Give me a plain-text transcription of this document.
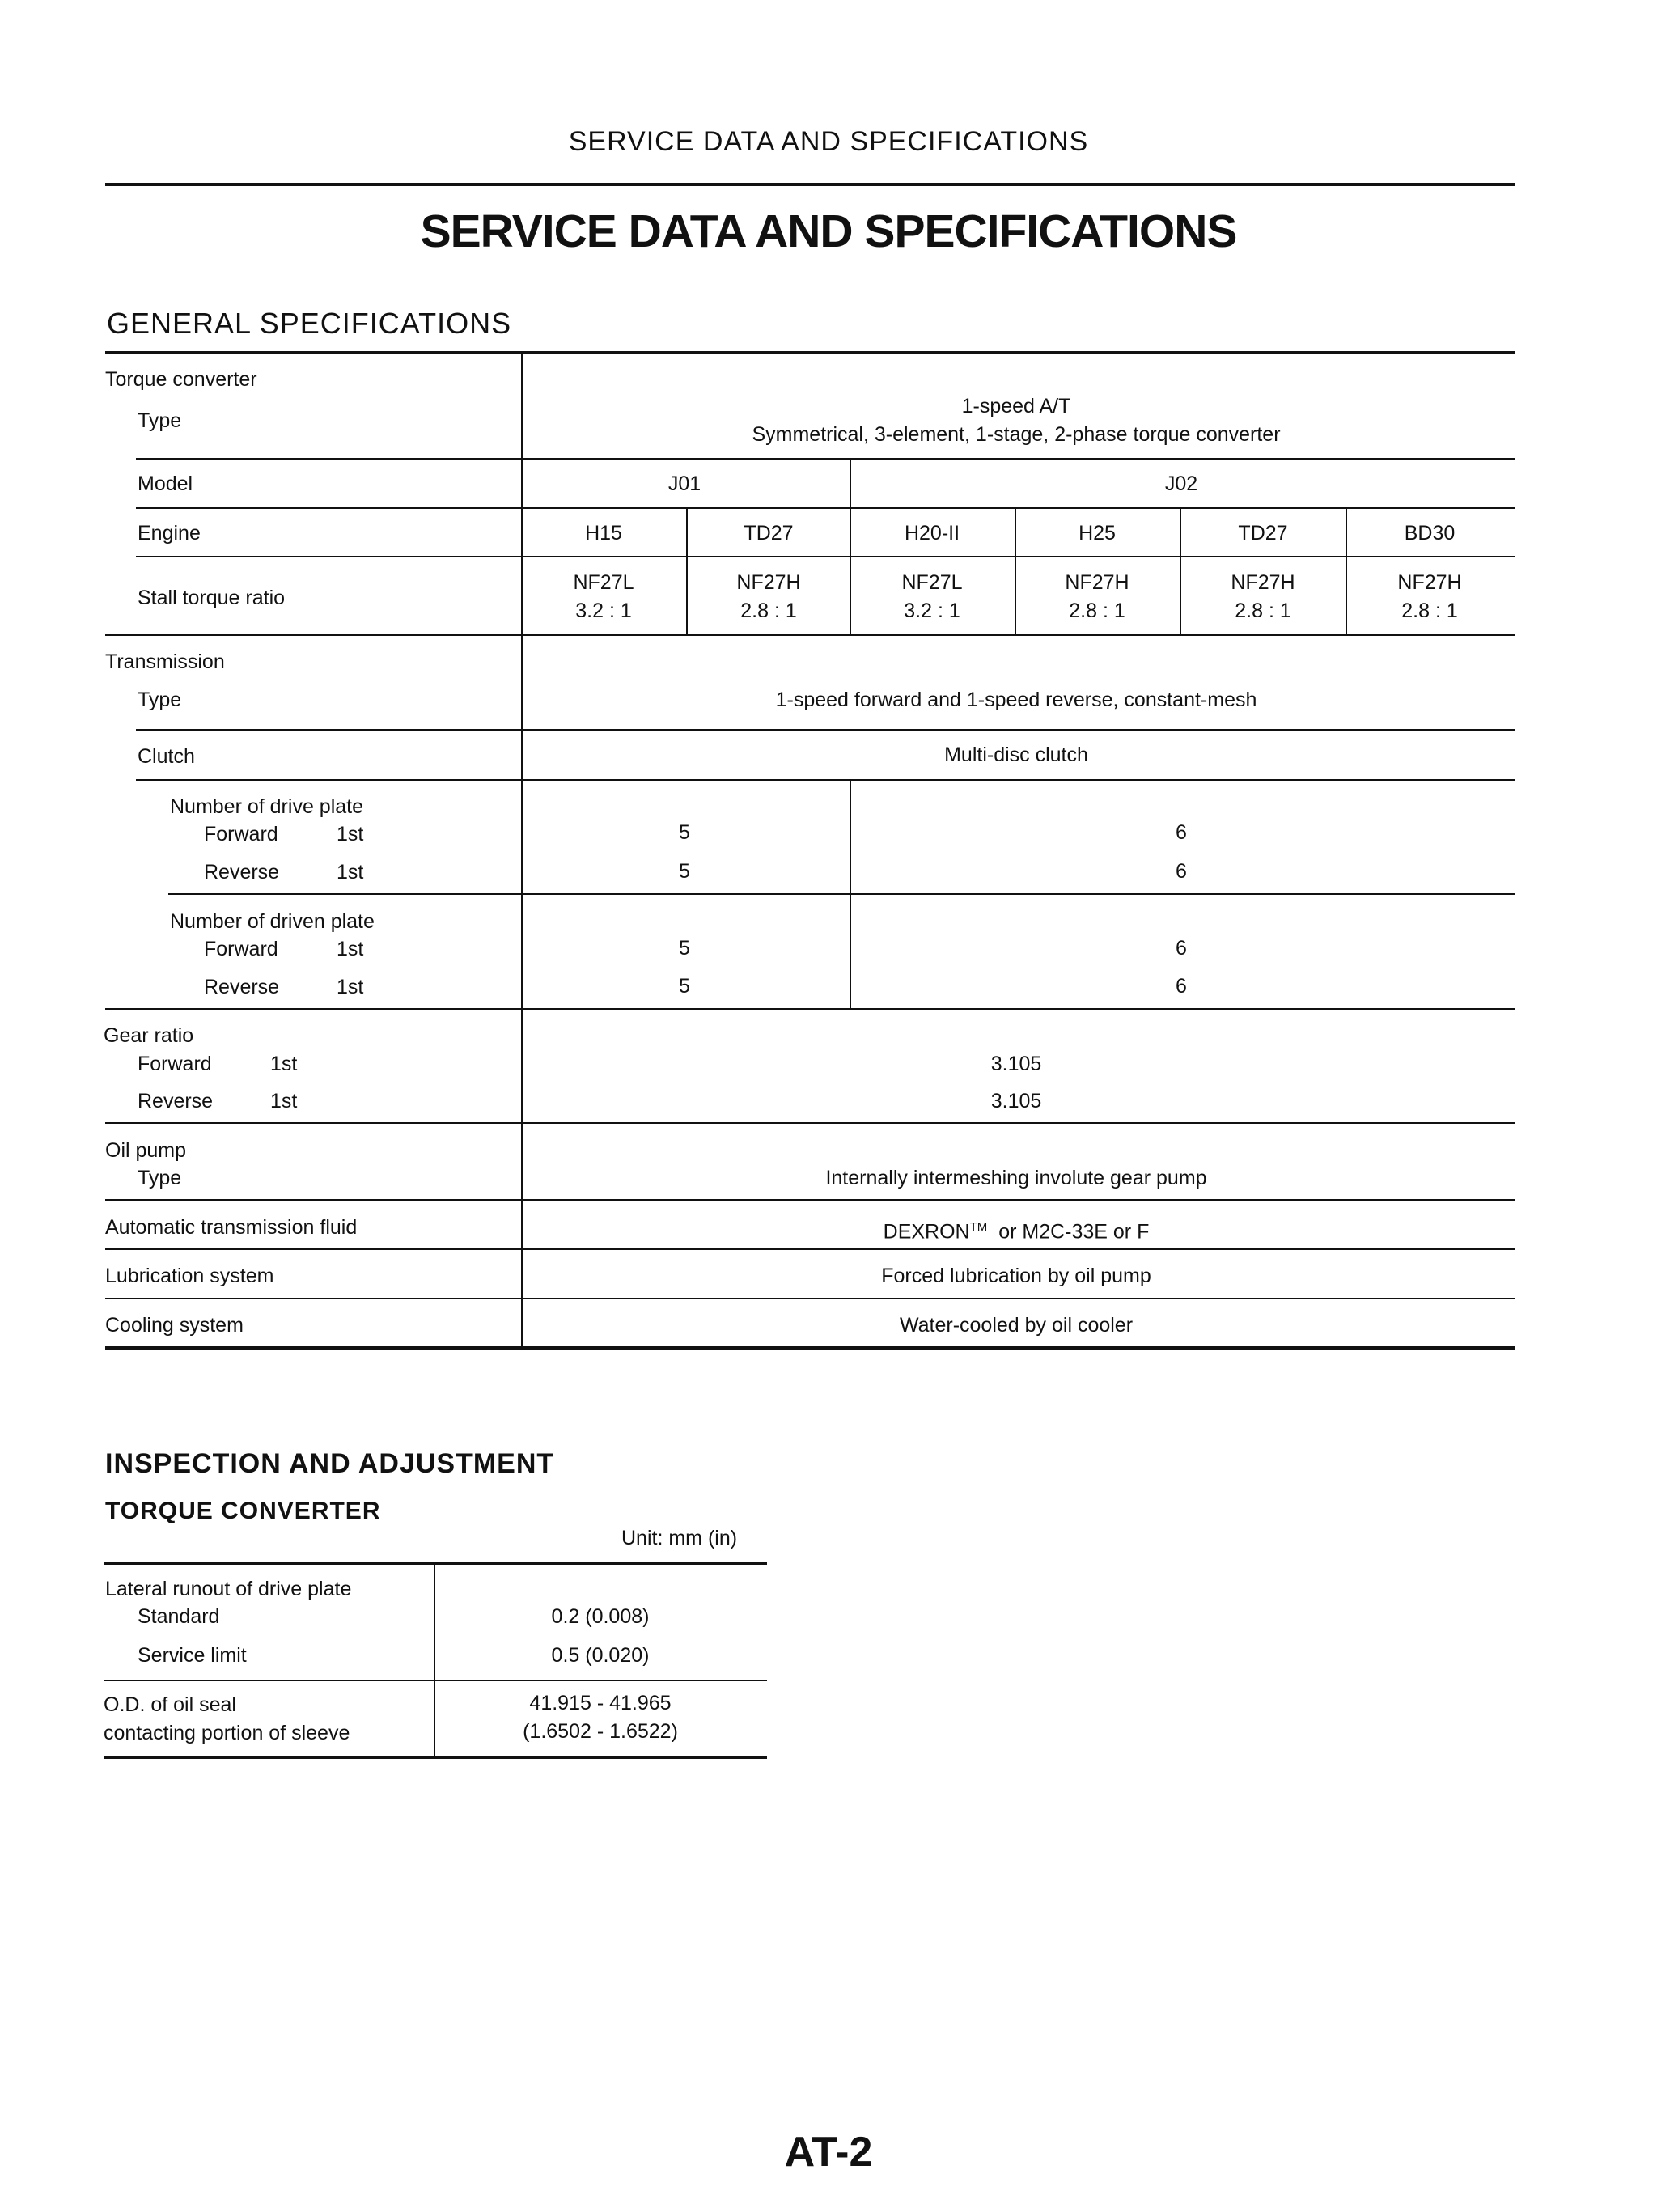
SERVICE DATA AND SPECIFICATIONS
SERVICE DATA AND SPECIFICATIONS
GENERAL SPECIFICATIONS
Torque converter
Type
1-speed A/T
Symmetrical, 3-element, 1-stage, 2-phase torque converter
Model	J01	J02
Engine	H15	TD27	H20-II	H25	TD27	BD30
Stall torque ratio
NF27L	NF27H	NF27L	NF27H	NF27H	NF27H
3.2 : 1	2.8 : 1	3.2 : 1	2.8 : 1	2.8 : 1	2.8 : 1
Transmission
Type	1-speed forward and 1-speed reverse, constant-mesh
Clutch	Multi-disc clutch
Number of drive plate
Forward	1st	5	6
Reverse	1st	5	6
Number of driven plate
Forward	1st	5	6
Reverse	1st	5	6
Gear ratio
Forward	1st	3.105
Reverse	1st	3.105
Oil pump
Type	Internally intermeshing involute gear pump
Automatic transmission fluid	DEXRON™ or M2C-33E or F
Lubrication system	Forced lubrication by oil pump
Cooling system	Water-cooled by oil cooler
INSPECTION AND ADJUSTMENT
TORQUE CONVERTER
Unit: mm (in)
Lateral runout of drive plate
Standard	0.2 (0.008)
Service limit	0.5 (0.020)
O.D. of oil seal
contacting portion of sleeve
41.915 - 41.965
(1.6502 - 1.6522)
AT-2
